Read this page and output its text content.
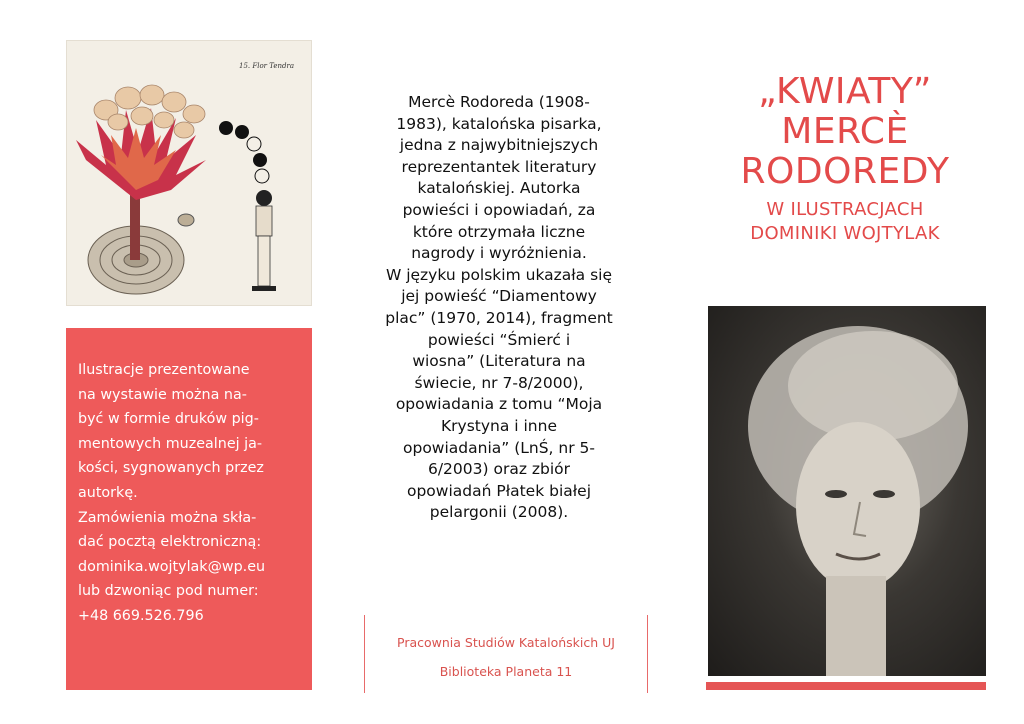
15. Flor Tendra

Ilustracje prezentowane

na wystawie można na-

być w formie druków pig-

mentowych muzealnej ja-

kości, sygnowanych przez

autorkę.

Zamówienia można skła-

dać pocztą elektroniczną:

dominika.wojtylak@wp.eu

lub dzwoniąc pod numer:

+48 669.526.796

Mercè Rodoreda (1908-

1983), katalońska pisarka,

jedna z najwybitniejszych

reprezentantek literatury

katalońskiej. Autorka

powieści i opowiadań, za

które otrzymała liczne

nagrody i wyróżnienia.

W języku polskim ukazała się

jej powieść “Diamentowy

plac” (1970, 2014), fragment

powieści “Śmierć i

wiosna” (Literatura na

świecie, nr 7-8/2000),

opowiadania z tomu “Moja

Krystyna i inne

opowiadania” (LnŚ, nr 5-

6/2003) oraz zbiór

opowiadań Płatek białej

pelargonii (2008).

Pracownia Studiów Katalońskich UJ
Biblioteka Planeta 11
„KWIATY”
MERCÈ
RODOREDY
W ILUSTRACJACH
DOMINIKI WOJTYLAK
